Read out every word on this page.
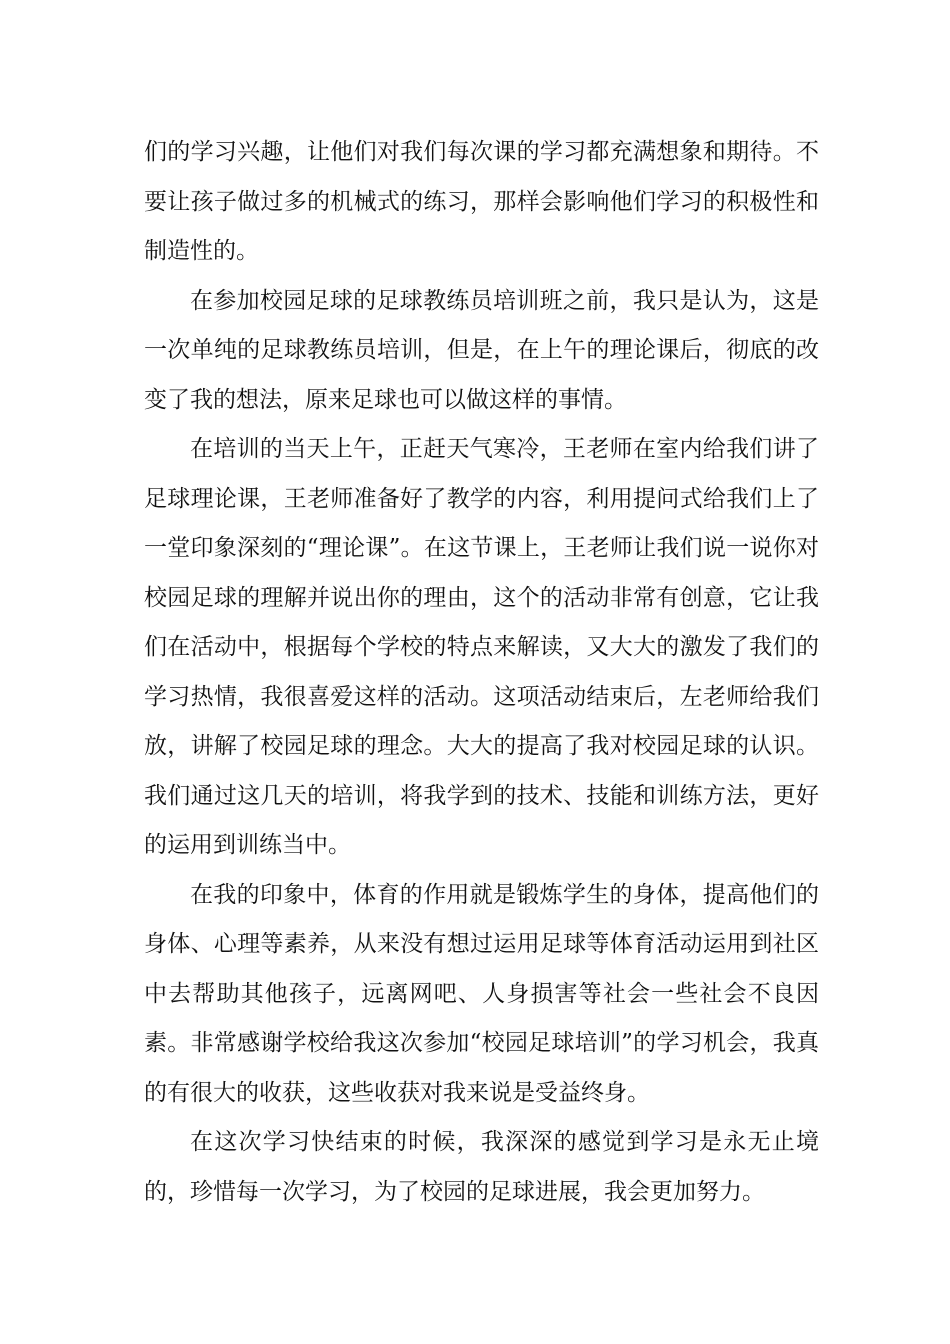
们的学习兴趣，让他们对我们每次课的学习都充满想象和期待。不要让孩子做过多的机械式的练习，那样会影响他们学习的积极性和制造性的。

在参加校园足球的足球教练员培训班之前，我只是认为，这是一次单纯的足球教练员培训，但是，在上午的理论课后，彻底的改变了我的想法，原来足球也可以做这样的事情。

在培训的当天上午，正赶天气寒冷，王老师在室内给我们讲了足球理论课，王老师准备好了教学的内容，利用提问式给我们上了一堂印象深刻的“理论课”。在这节课上，王老师让我们说一说你对校园足球的理解并说出你的理由，这个的活动非常有创意，它让我们在活动中，根据每个学校的特点来解读，又大大的激发了我们的学习热情，我很喜爱这样的活动。这项活动结束后，左老师给我们放，讲解了校园足球的理念。大大的提高了我对校园足球的认识。我们通过这几天的培训，将我学到的技术、技能和训练方法，更好的运用到训练当中。

在我的印象中，体育的作用就是锻炼学生的身体，提高他们的身体、心理等素养，从来没有想过运用足球等体育活动运用到社区中去帮助其他孩子，远离网吧、人身损害等社会一些社会不良因素。非常感谢学校给我这次参加“校园足球培训”的学习机会，我真的有很大的收获，这些收获对我来说是受益终身。

在这次学习快结束的时候，我深深的感觉到学习是永无止境的，珍惜每一次学习，为了校园的足球进展，我会更加努力。
